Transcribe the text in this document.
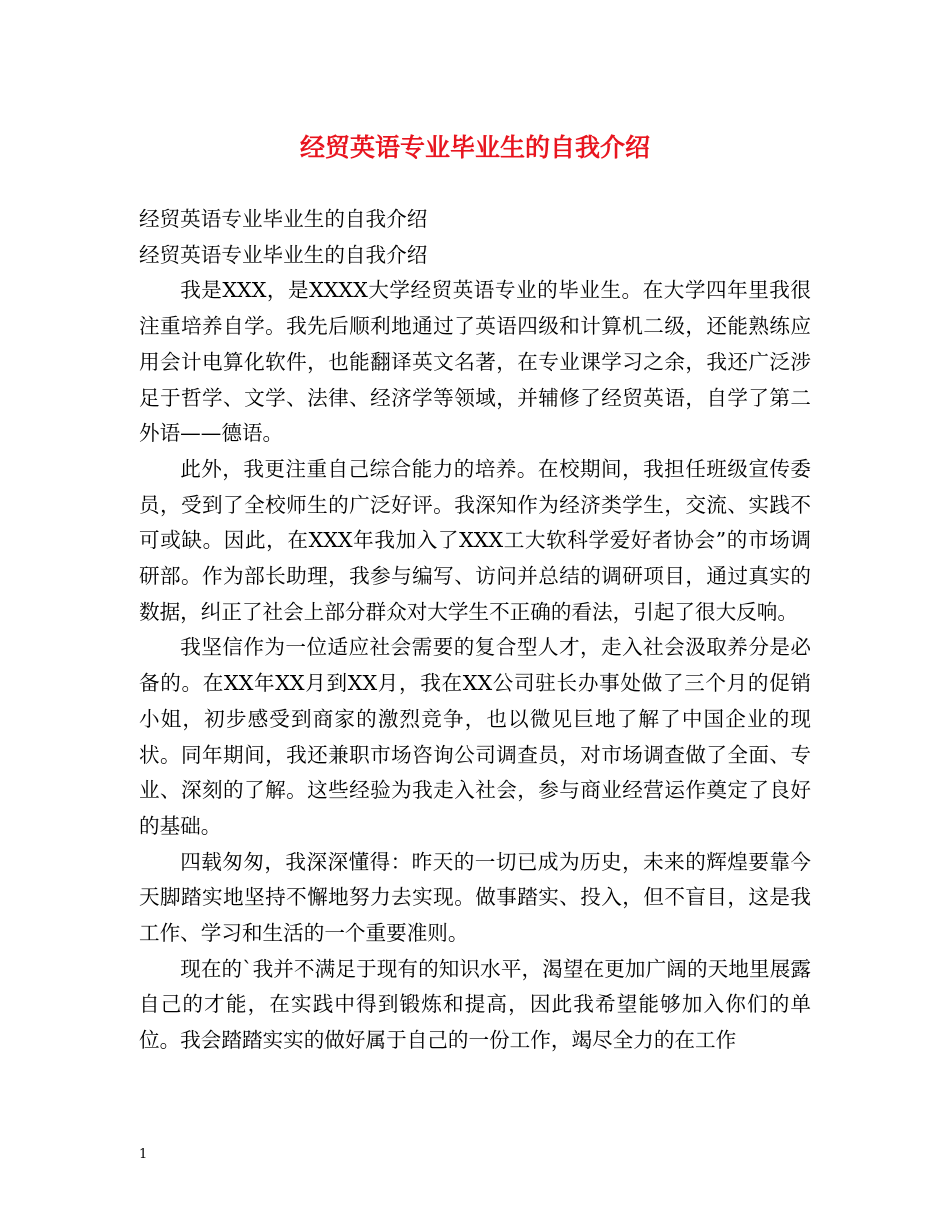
经贸英语专业毕业生的自我介绍

经贸英语专业毕业生的自我介绍

经贸英语专业毕业生的自我介绍

我是XXX，是XXXX大学经贸英语专业的毕业生。在大学四年里我很注重培养自学。我先后顺利地通过了英语四级和计算机二级，还能熟练应用会计电算化软件，也能翻译英文名著，在专业课学习之余，我还广泛涉足于哲学、文学、法律、经济学等领域，并辅修了经贸英语，自学了第二外语——德语。

此外，我更注重自己综合能力的培养。在校期间，我担任班级宣传委员，受到了全校师生的广泛好评。我深知作为经济类学生，交流、实践不可或缺。因此，在XXX年我加入了XXX工大软科学爱好者协会”的市场调研部。作为部长助理，我参与编写、访问并总结的调研项目，通过真实的数据，纠正了社会上部分群众对大学生不正确的看法，引起了很大反响。

我坚信作为一位适应社会需要的复合型人才，走入社会汲取养分是必备的。在XX年XX月到XX月，我在XX公司驻长办事处做了三个月的促销小姐，初步感受到商家的激烈竞争，也以微见巨地了解了中国企业的现状。同年期间，我还兼职市场咨询公司调查员，对市场调查做了全面、专业、深刻的了解。这些经验为我走入社会，参与商业经营运作奠定了良好的基础。

四载匆匆，我深深懂得：昨天的一切已成为历史，未来的辉煌要靠今天脚踏实地坚持不懈地努力去实现。做事踏实、投入，但不盲目，这是我工作、学习和生活的一个重要准则。

现在的`我并不满足于现有的知识水平，渴望在更加广阔的天地里展露自己的才能，在实践中得到锻炼和提高，因此我希望能够加入你们的单位。我会踏踏实实的做好属于自己的一份工作，竭尽全力的在工作

1
